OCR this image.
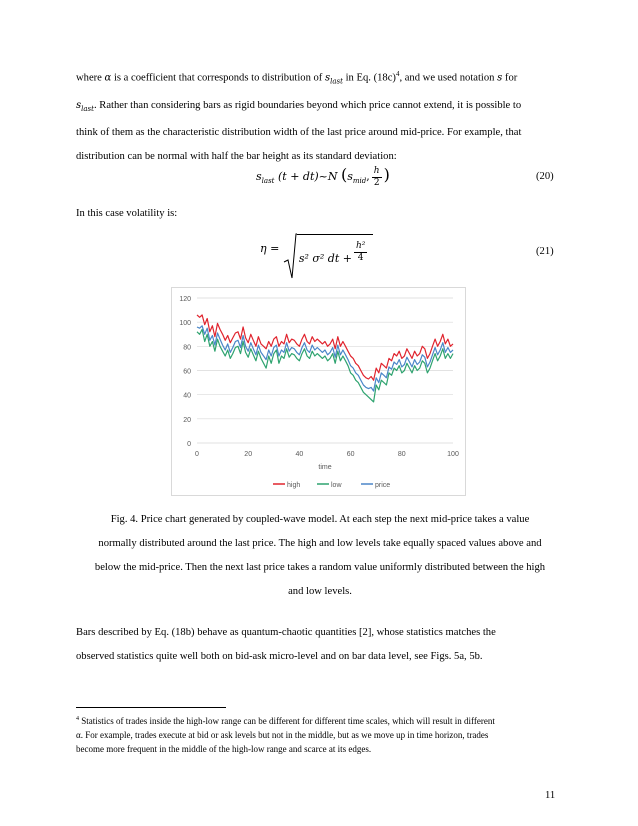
where α is a coefficient that corresponds to distribution of $s_{last}$ in Eq. $(18c)^4$, and we used notation s for
$s_{last}$. Rather than considering bars as rigid boundaries beyond which price cannot extend, it is possible to
think of them as the characteristic distribution width of the last price around mid-price. For example, that
distribution can be normal with half the bar height as its standard deviation:
$s_{last}$ (t + dt)~N ($s_{mid}$, $\frac{h}{2}$ )	(20)
In this case volatility is:
η = s² σ² dt + $\frac{\text{h²}}{4}$	(21)
0
20
40
60
80
100
120
0	20	40	60	80	100
time
high	low	price
Fig. 4. Price chart generated by coupled-wave model. At each step the next mid-price takes a value
normally distributed around the last price. The high and low levels take equally spaced values above and
below the mid-price. Then the next last price takes a random value uniformly distributed between the high
and low levels.
Bars described by Eq. (18b) behave as quantum-chaotic quantities [2], whose statistics matches the
observed statistics quite well both on bid-ask micro-level and on bar data level, see Figs. 5a, 5b.
$^4$ Statistics of trades inside the high-low range can be different for different time scales, which will result in different
α. For example, trades execute at bid or ask levels but not in the middle, but as we move up in time horizon, trades
become more frequent in the middle of the high-low range and scarce at its edges.
11
